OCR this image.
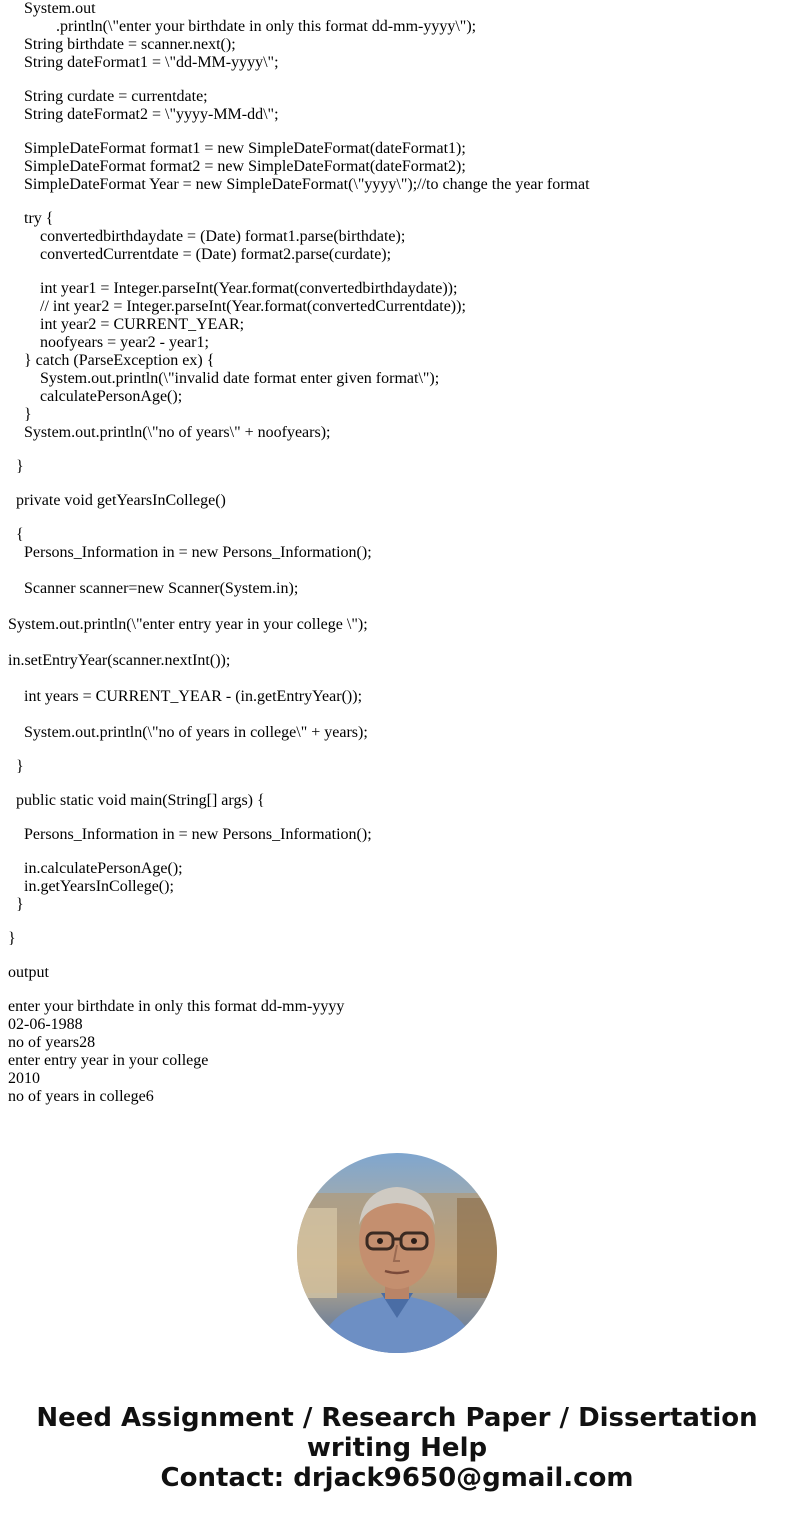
System.out
.println(\"enter your birthdate in only this format dd-mm-yyyy\");
String birthdate = scanner.next();
String dateFormat1 = \"dd-MM-yyyy\";
String curdate = currentdate;
String dateFormat2 = \"yyyy-MM-dd\";
SimpleDateFormat format1 = new SimpleDateFormat(dateFormat1);
SimpleDateFormat format2 = new SimpleDateFormat(dateFormat2);
SimpleDateFormat Year = new SimpleDateFormat(\"yyyy\");//to change the year format
try {
convertedbirthdaydate = (Date) format1.parse(birthdate);
convertedCurrentdate = (Date) format2.parse(curdate);
int year1 = Integer.parseInt(Year.format(convertedbirthdaydate));
// int year2 = Integer.parseInt(Year.format(convertedCurrentdate));
int year2 = CURRENT_YEAR;
noofyears = year2 - year1;
} catch (ParseException ex) {
System.out.println(\"invalid date format enter given format\");
calculatePersonAge();
}
System.out.println(\"no of years\" + noofyears);
}
private void getYearsInCollege()
{
Persons_Information in = new Persons_Information();
Scanner scanner=new Scanner(System.in);
System.out.println(\"enter entry year in your college \");
in.setEntryYear(scanner.nextInt());
int years = CURRENT_YEAR - (in.getEntryYear());
System.out.println(\"no of years in college\" + years);
}
public static void main(String[] args) {
Persons_Information in = new Persons_Information();
in.calculatePersonAge();
in.getYearsInCollege();
}
}
output
enter your birthdate in only this format dd-mm-yyyy
02-06-1988
no of years28
enter entry year in your college
2010
no of years in college6
Need Assignment / Research Paper / Dissertation
writing Help
Contact: drjack9650@gmail.com
